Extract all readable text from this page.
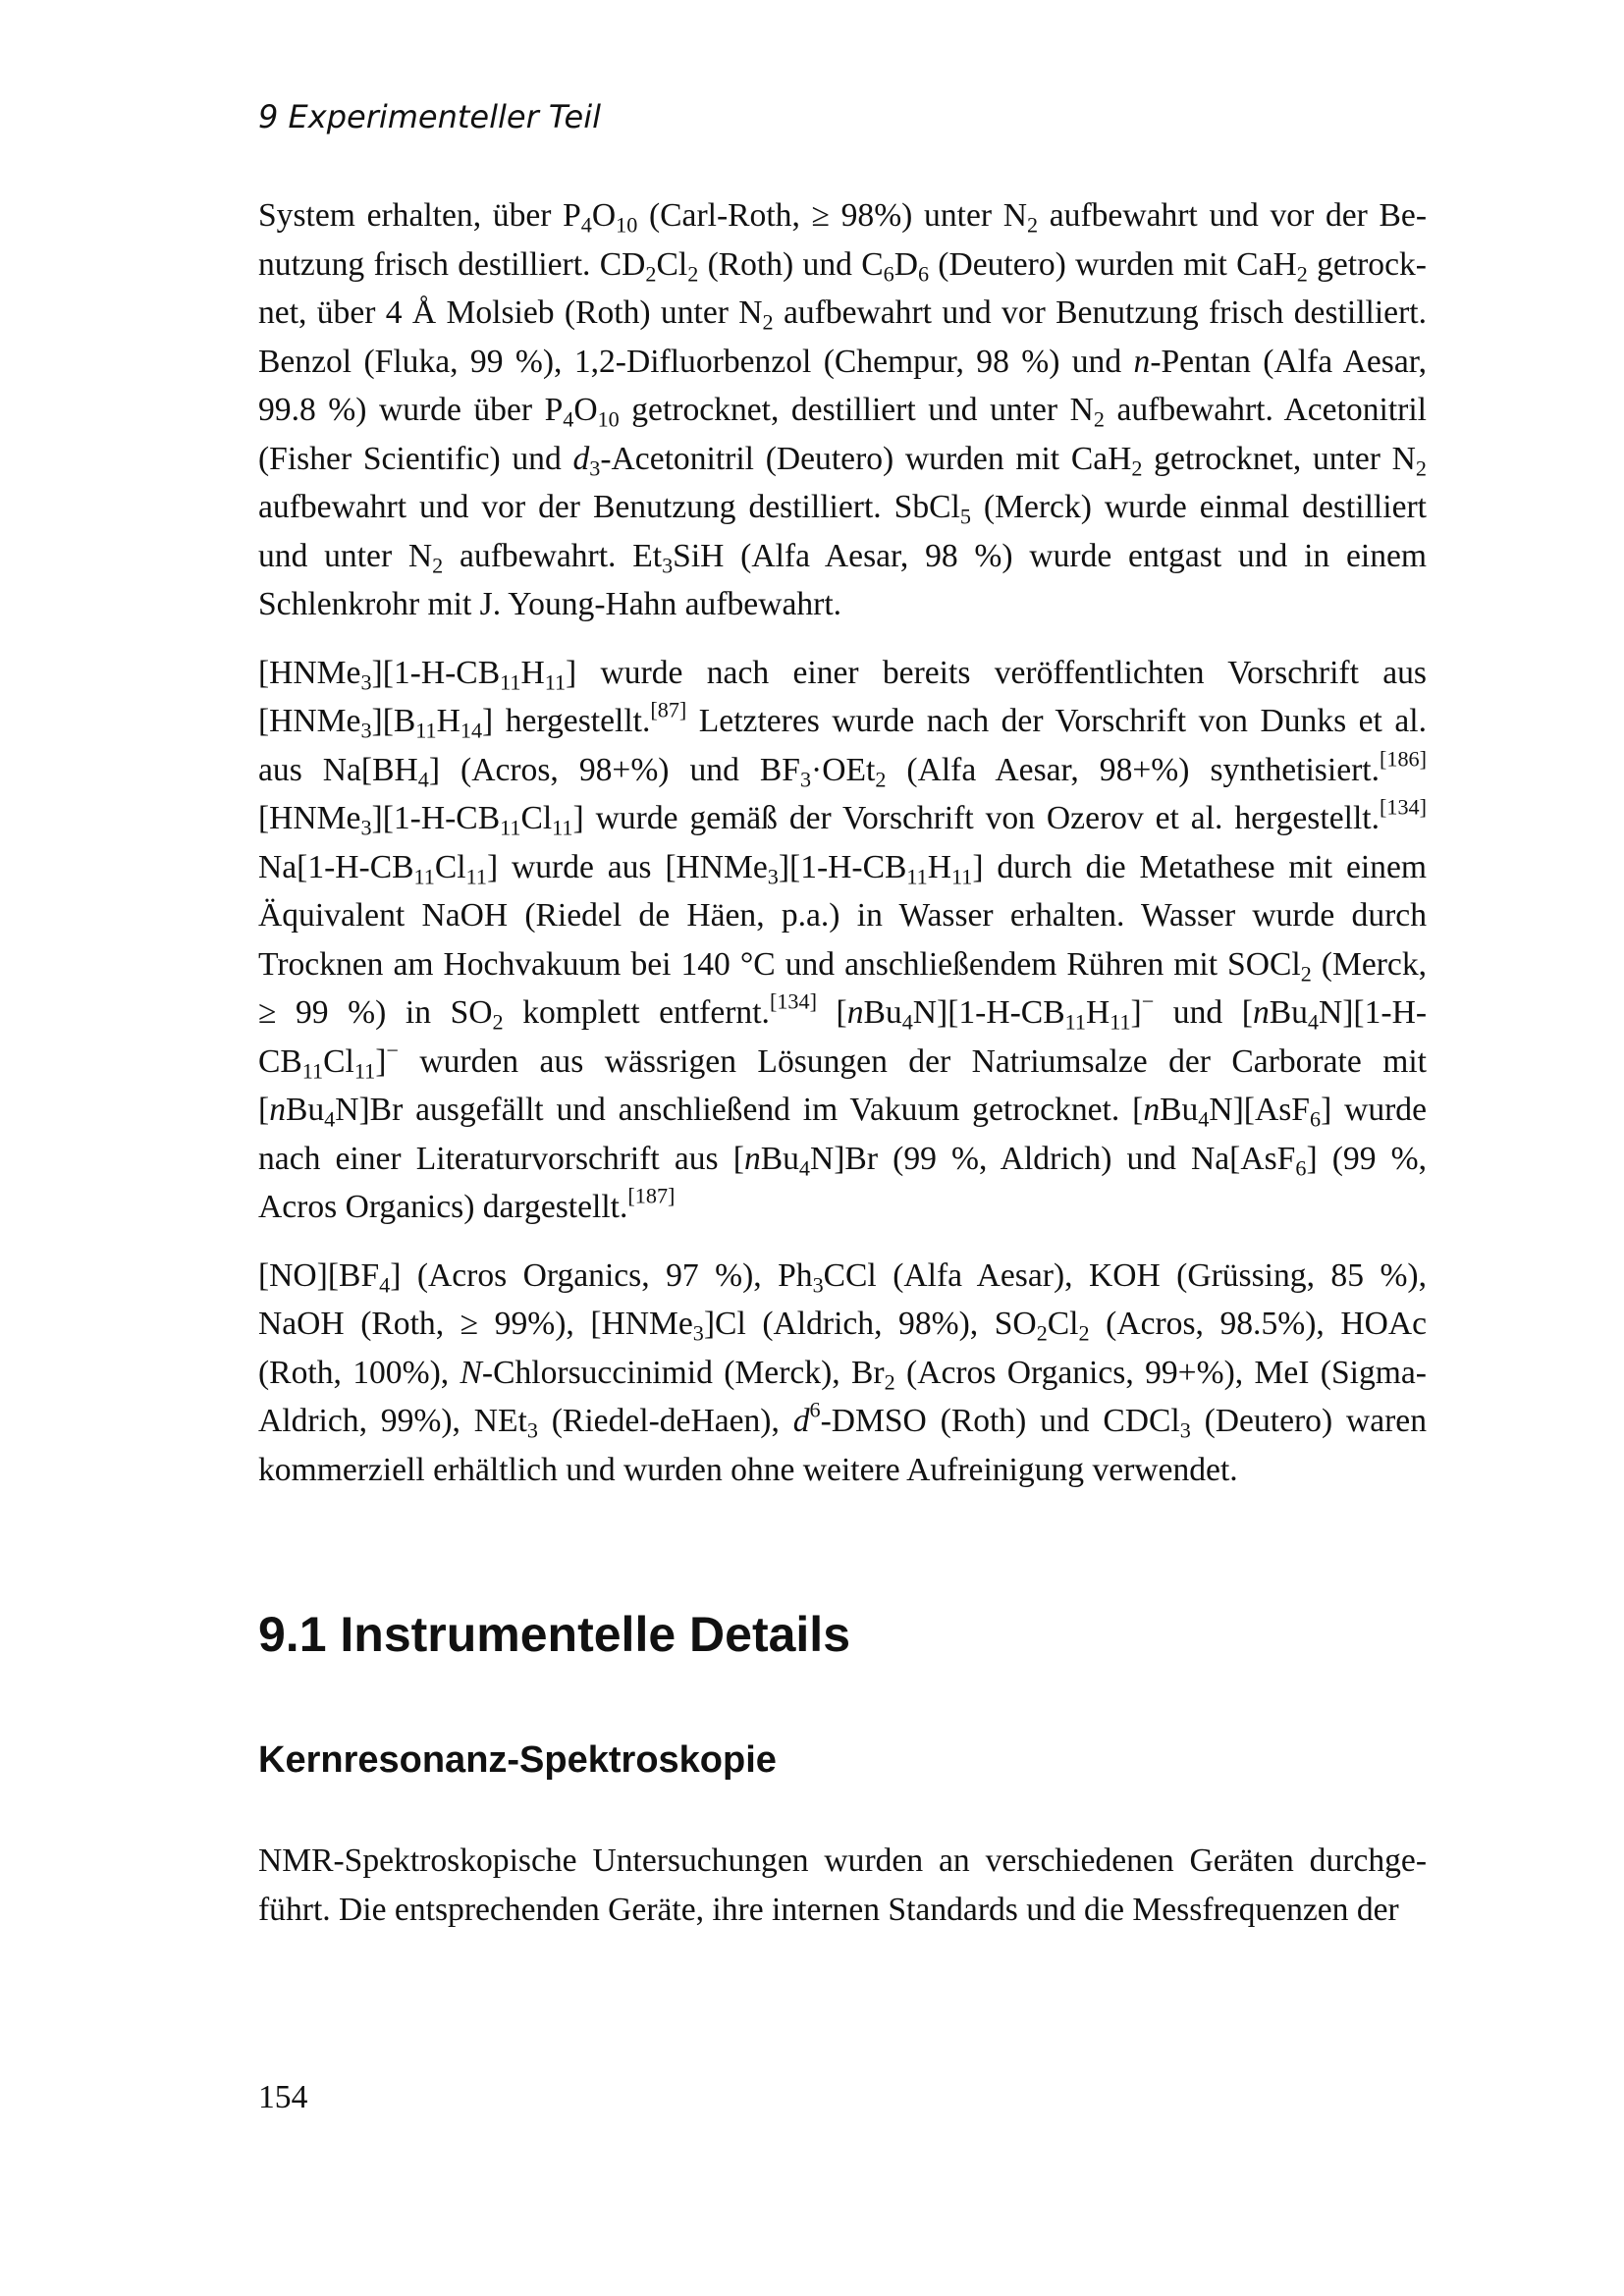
9 Experimenteller Teil

System erhalten, über $P_4O_{10}$ (Carl-Roth, ≥ 98%) unter $N_2$ aufbewahrt und vor der Benutzung frisch destilliert. $CD_2Cl_2$ (Roth) und $C_6D_6$ (Deutero) wurden mit CaH$_2$ getrocknet, über 4 Å Molsieb (Roth) unter $N_2$ aufbewahrt und vor Benutzung frisch destilliert. Benzol (Fluka, 99 %), 1,2-Difluorbenzol (Chempur, 98 %) und n-Pentan (Alfa Aesar, 99.8 %) wurde über $P_4O_{10}$ getrocknet, destilliert und unter $N_2$ aufbewahrt. Acetonitril (Fisher Scientific) und $d_3$-Acetonitril (Deutero) wurden mit CaH$_2$ getrocknet, unter $N_2$ aufbewahrt und vor der Benutzung destilliert. SbCl$_5$ (Merck) wurde einmal destilliert und unter $N_2$ aufbewahrt. $Et_3SiH$ (Alfa Aesar, 98 %) wurde entgast und in einem Schlenkrohr mit J. Young-Hahn aufbewahrt.

$[HNMe_3][1-H-CB_{11}H_{11}]$ wurde nach einer bereits veröffentlichten Vorschrift aus $[HNMe_3][B_{11}H_{14}]$ hergestellt.[87] Letzteres wurde nach der Vorschrift von Dunks et al. aus $Na[BH_4]$ (Acros, 98+%) und $BF_3\cdot OEt_2$ (Alfa Aesar, 98+%) synthetisiert.[186] $[HNMe_3][1-H-CB_{11}Cl_{11}]$ wurde gemäß der Vorschrift von Ozerov et al. hergestellt.[134] $Na[1-H-CB_{11}Cl_{11}]$ wurde aus $[HNMe_3][1-H-CB_{11}H_{11}]$ durch die Metathese mit einem Äquivalent NaOH (Riedel de Häen, p.a.) in Wasser erhalten. Wasser wurde durch Trocknen am Hochvakuum bei 140 °C und anschließendem Rühren mit SOCl$_2$ (Merck, ≥ 99 %) in $SO_2$ komplett entfernt.[134] $[nBu_4N][1-H-CB_{11}H_{11}]^-$ und $[nBu_4N][1-H-CB_{11}Cl_{11}]^-$ wurden aus wässrigen Lösungen der Natriumsalze der Carborate mit [nBu$_4$N]Br ausgefällt und anschließend im Vakuum getrocknet. [nBu$_4$N][AsF$_6$] wurde nach einer Literaturvorschrift aus [nBu$_4$N]Br (99 %, Aldrich) und Na[AsF$_6$] (99 %, Acros Organics) dargestellt.[187]

$[NO][BF_4]$ (Acros Organics, 97 %), $Ph_3CCl$ (Alfa Aesar), KOH (Grüssing, 85 %), NaOH (Roth, ≥ 99%), [HNMe$_3$]Cl (Aldrich, 98%), $SO_2Cl_2$ (Acros, 98.5%), HOAc (Roth, 100%), N-Chlorsuccinimid (Merck), $Br_2$ (Acros Organics, 99+%), MeI (Sigma-Aldrich, 99%), NEt$_3$ (Riedel-deHaen), $d^6$-DMSO (Roth) und CDCl$_3$ (Deutero) waren kommerziell erhältlich und wurden ohne weitere Aufreinigung verwendet.

9.1 Instrumentelle Details
Kernresonanz-Spektroskopie

NMR-Spektroskopische Untersuchungen wurden an verschiedenen Geräten durchgeführt. Die entsprechenden Geräte, ihre internen Standards und die Messfrequenzen der

154
